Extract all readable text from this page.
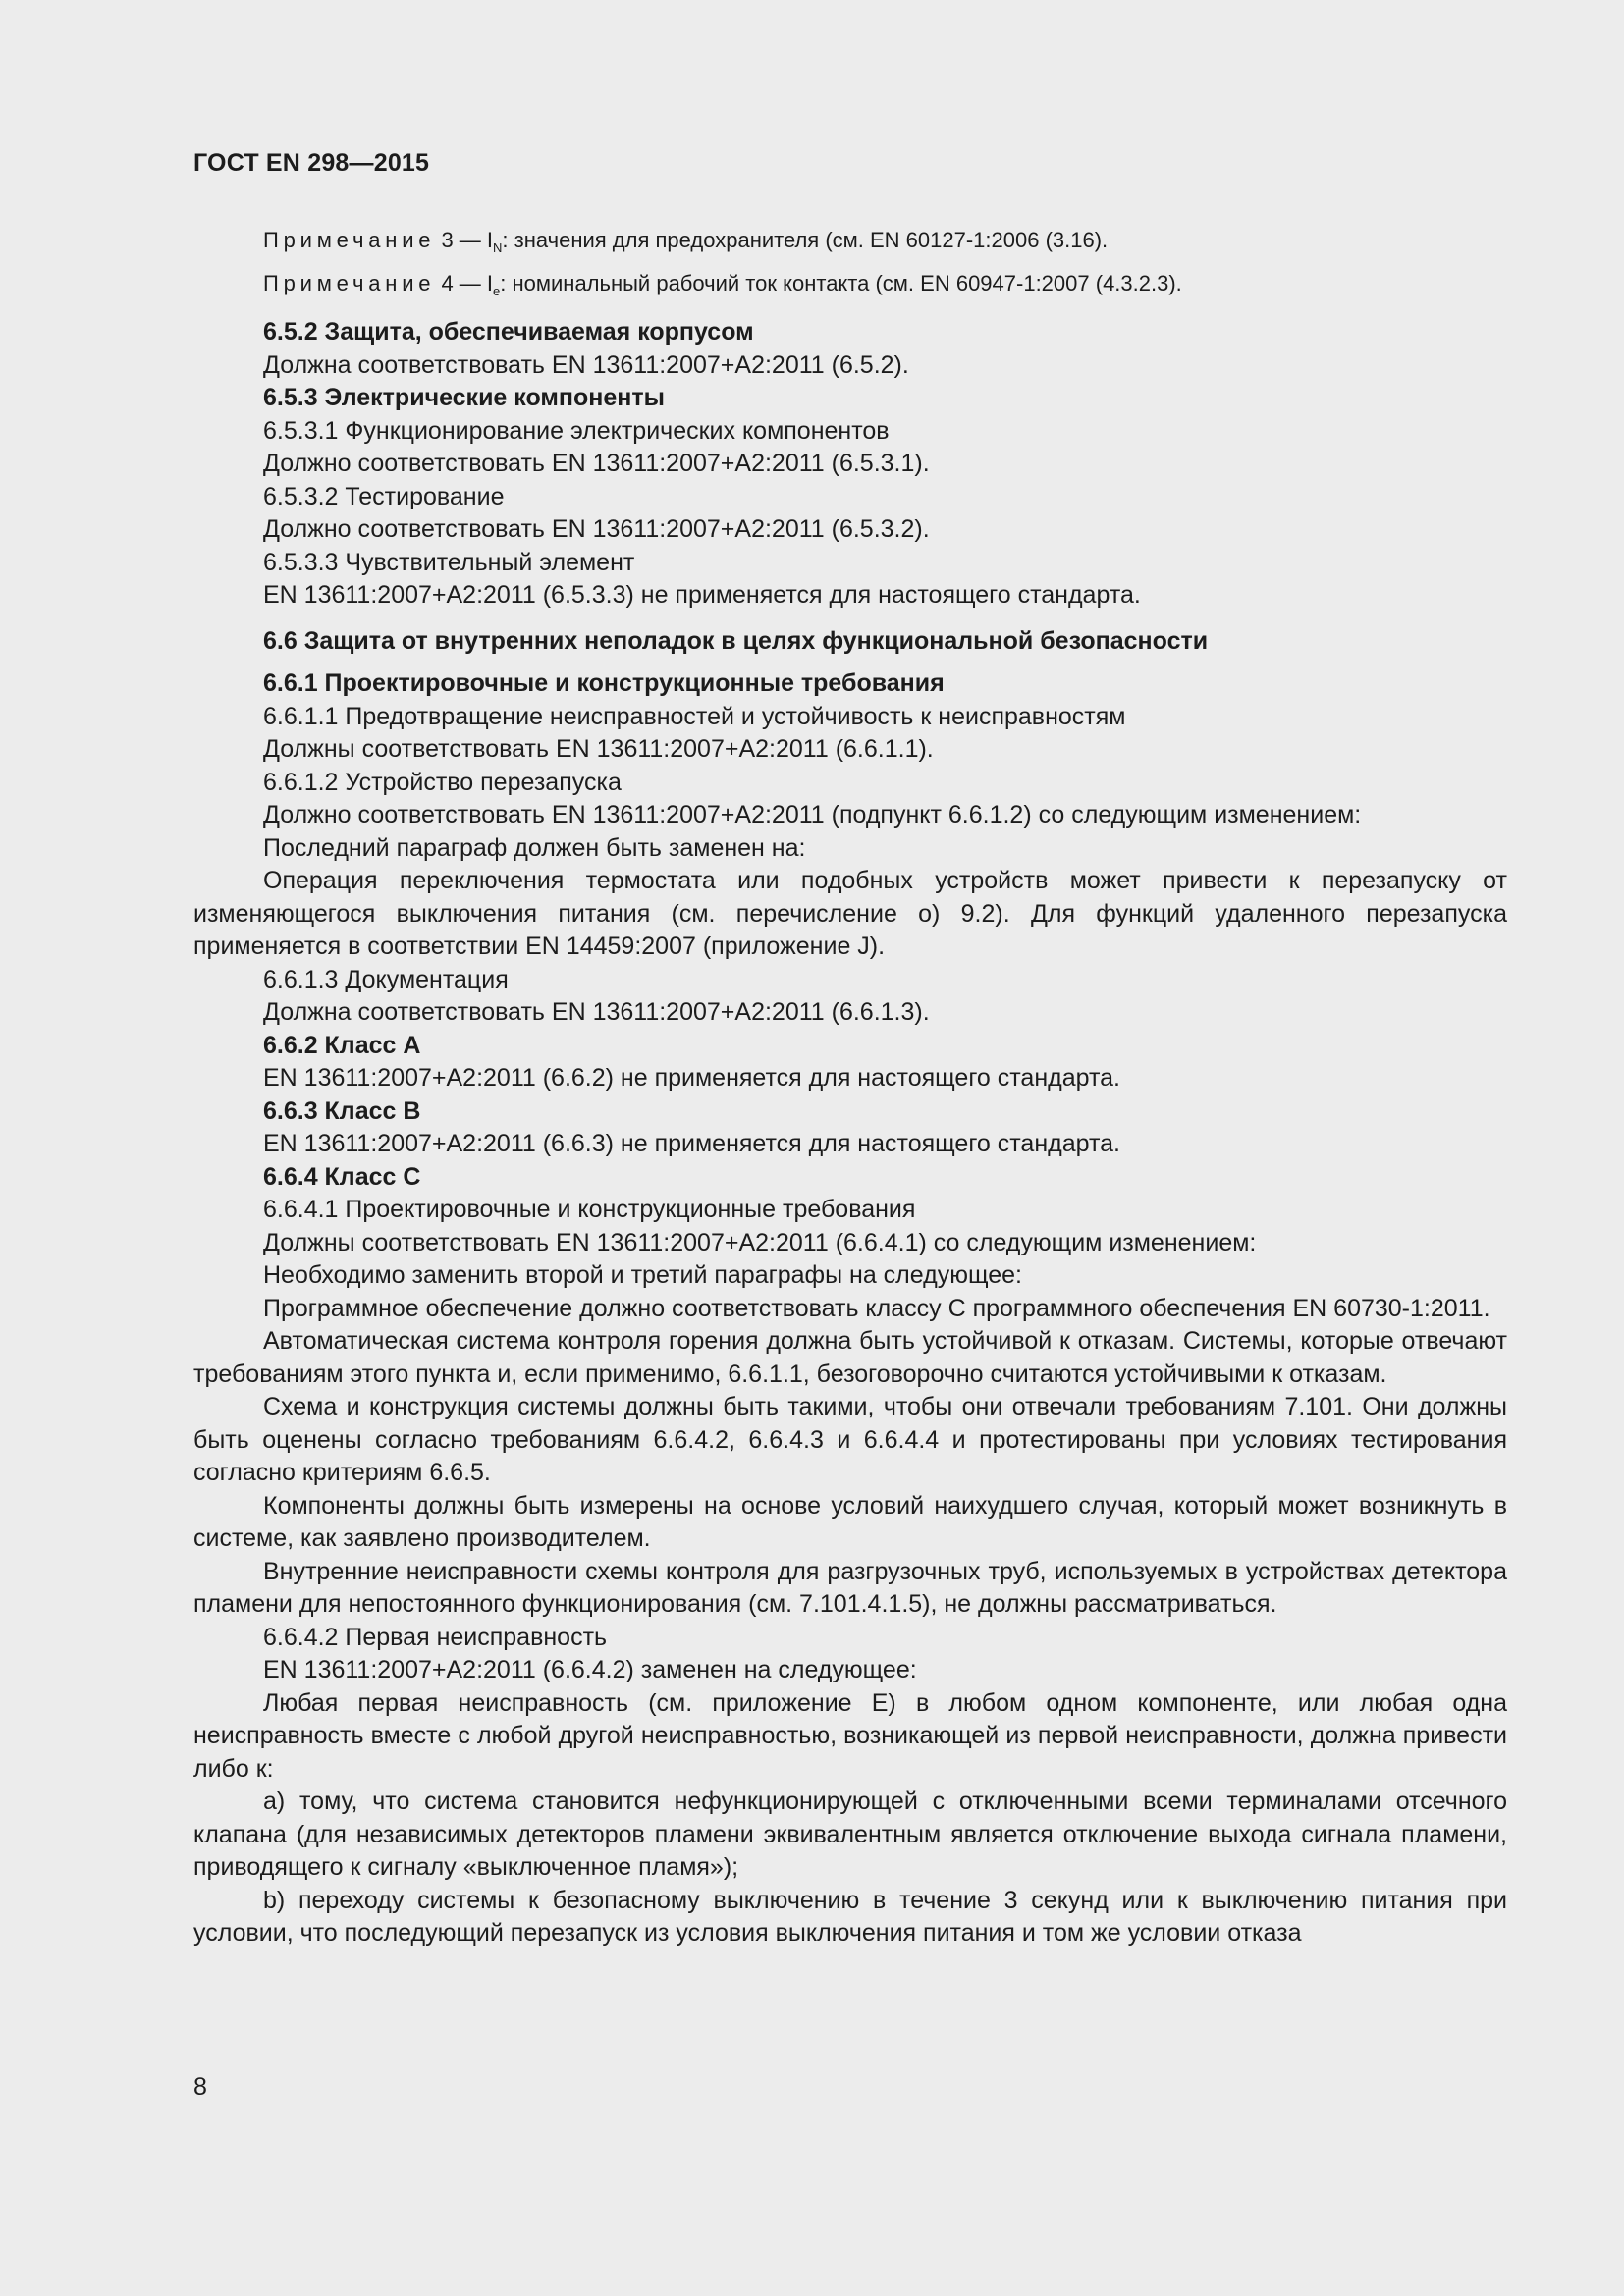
ГОСТ EN 298—2015
Примечание 3 — $I_N$: значения для предохранителя (см. EN 60127-1:2006 (3.16).
Примечание 4 — $I_e$: номинальный рабочий ток контакта (см. EN 60947-1:2007 (4.3.2.3).

6.5.2 Защита, обеспечиваемая корпусом

Должна соответствовать EN 13611:2007+A2:2011 (6.5.2).

6.5.3 Электрические компоненты

6.5.3.1 Функционирование электрических компонентов

Должно соответствовать EN 13611:2007+A2:2011 (6.5.3.1).

6.5.3.2 Тестирование

Должно соответствовать EN 13611:2007+A2:2011 (6.5.3.2).

6.5.3.3 Чувствительный элемент

EN 13611:2007+A2:2011 (6.5.3.3) не применяется для настоящего стандарта.

6.6 Защита от внутренних неполадок в целях функциональной безопасности

6.6.1 Проектировочные и конструкционные требования

6.6.1.1 Предотвращение неисправностей и устойчивость к неисправностям

Должны соответствовать EN 13611:2007+A2:2011 (6.6.1.1).

6.6.1.2 Устройство перезапуска

Должно соответствовать EN 13611:2007+A2:2011 (подпункт 6.6.1.2) со следующим изменением:

Последний параграф должен быть заменен на:

Операция переключения термостата или подобных устройств может привести к перезапуску от изменяющегося выключения питания (см. перечисление o) 9.2). Для функций удаленного перезапуска применяется в соответствии EN 14459:2007 (приложение J).

6.6.1.3 Документация

Должна соответствовать EN 13611:2007+A2:2011 (6.6.1.3).

6.6.2 Класс A

EN 13611:2007+A2:2011 (6.6.2) не применяется для настоящего стандарта.

6.6.3 Класс B

EN 13611:2007+A2:2011 (6.6.3) не применяется для настоящего стандарта.

6.6.4 Класс C

6.6.4.1 Проектировочные и конструкционные требования

Должны соответствовать EN 13611:2007+A2:2011 (6.6.4.1) со следующим изменением:

Необходимо заменить второй и третий параграфы на следующее:

Программное обеспечение должно соответствовать классу C программного обеспечения EN 60730-1:2011.

Автоматическая система контроля горения должна быть устойчивой к отказам. Системы, которые отвечают требованиям этого пункта и, если применимо, 6.6.1.1, безоговорочно считаются устойчивыми к отказам.

Схема и конструкция системы должны быть такими, чтобы они отвечали требованиям 7.101. Они должны быть оценены согласно требованиям 6.6.4.2, 6.6.4.3 и 6.6.4.4 и протестированы при условиях тестирования согласно критериям 6.6.5.

Компоненты должны быть измерены на основе условий наихудшего случая, который может возникнуть в системе, как заявлено производителем.

Внутренние неисправности схемы контроля для разгрузочных труб, используемых в устройствах детектора пламени для непостоянного функционирования (см. 7.101.4.1.5), не должны рассматриваться.

6.6.4.2 Первая неисправность

EN 13611:2007+A2:2011 (6.6.4.2) заменен на следующее:

Любая первая неисправность (см. приложение E) в любом одном компоненте, или любая одна неисправность вместе с любой другой неисправностью, возникающей из первой неисправности, должна привести либо к:

a) тому, что система становится нефункционирующей с отключенными всеми терминалами отсечного клапана (для независимых детекторов пламени эквивалентным является отключение выхода сигнала пламени, приводящего к сигналу «выключенное пламя»);

b) переходу системы к безопасному выключению в течение 3 секунд или к выключению питания при условии, что последующий перезапуск из условия выключения питания и том же условии отказа

8
